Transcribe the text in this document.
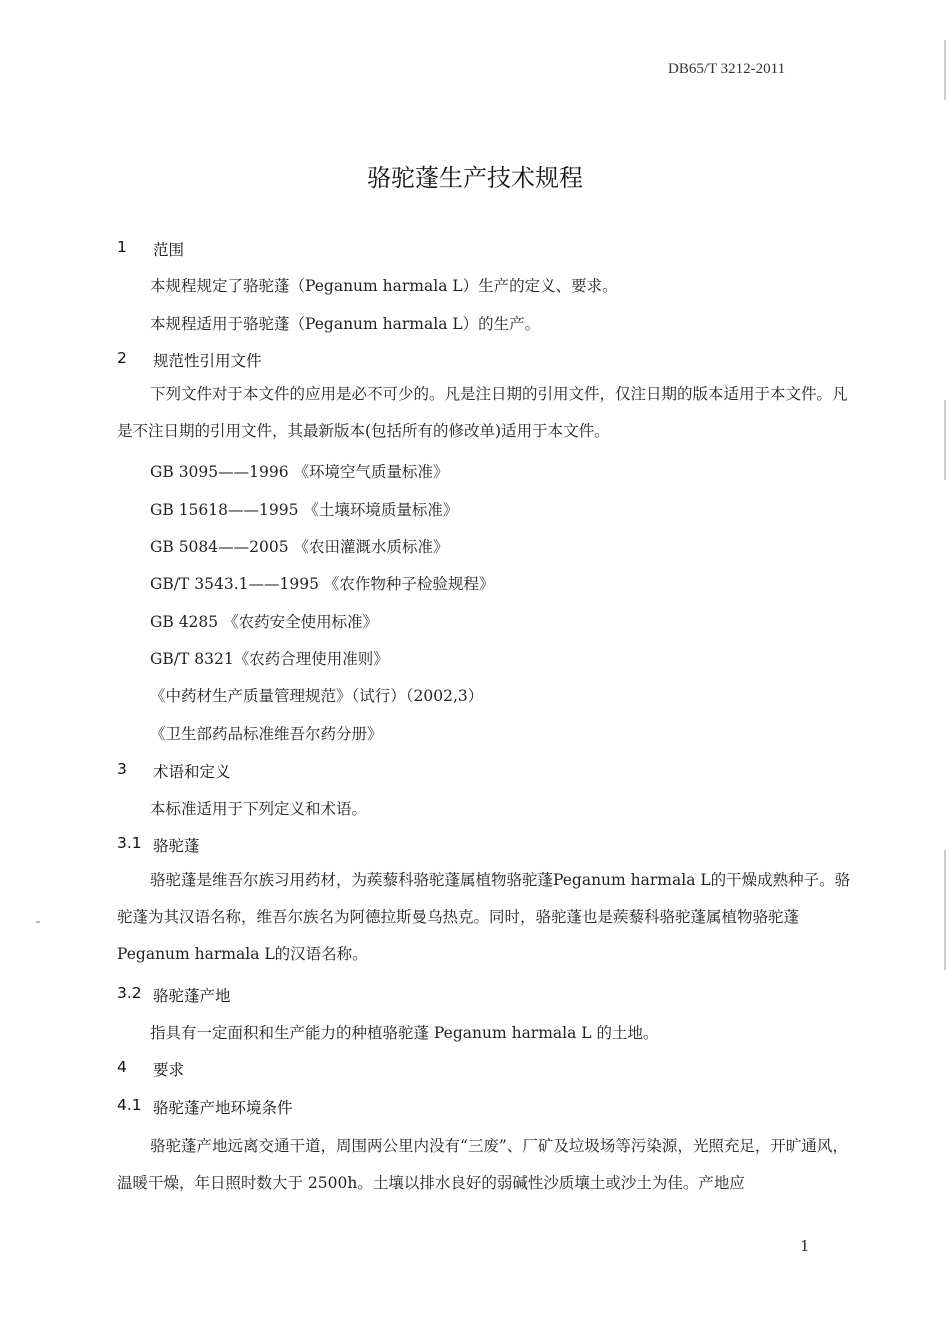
DB65/T 3212-2011
骆驼蓬生产技术规程
1 范围
本规程规定了骆驼蓬（Peganum harmala L）生产的定义、要求。
本规程适用于骆驼蓬（Peganum harmala L）的生产。
2 规范性引用文件
下列文件对于本文件的应用是必不可少的。凡是注日期的引用文件，仅注日期的版本适用于本文件。凡是不注日期的引用文件，其最新版本(包括所有的修改单)适用于本文件。
GB 3095——1996 《环境空气质量标准》
GB 15618——1995 《土壤环境质量标准》
GB 5084——2005 《农田灌溉水质标准》
GB/T 3543.1——1995 《农作物种子检验规程》
GB 4285 《农药安全使用标准》
GB/T 8321《农药合理使用准则》
《中药材生产质量管理规范》（试行）（2002,3）
《卫生部药品标准维吾尔药分册》
3 术语和定义
本标准适用于下列定义和术语。
3.1 骆驼蓬
骆驼蓬是维吾尔族习用药材，为蒺藜科骆驼蓬属植物骆驼蓬Peganum harmala L的干燥成熟种子。骆驼蓬为其汉语名称，维吾尔族名为阿德拉斯曼乌热克。同时，骆驼蓬也是蒺藜科骆驼蓬属植物骆驼蓬Peganum harmala L的汉语名称。
3.2 骆驼蓬产地
指具有一定面积和生产能力的种植骆驼蓬 Peganum harmala L 的土地。
4 要求
4.1 骆驼蓬产地环境条件
骆驼蓬产地远离交通干道，周围两公里内没有“三废”、厂矿及垃圾场等污染源，光照充足，开旷通风，温暖干燥，年日照时数大于 2500h。土壤以排水良好的弱碱性沙质壤土或沙土为佳。产地应
1
